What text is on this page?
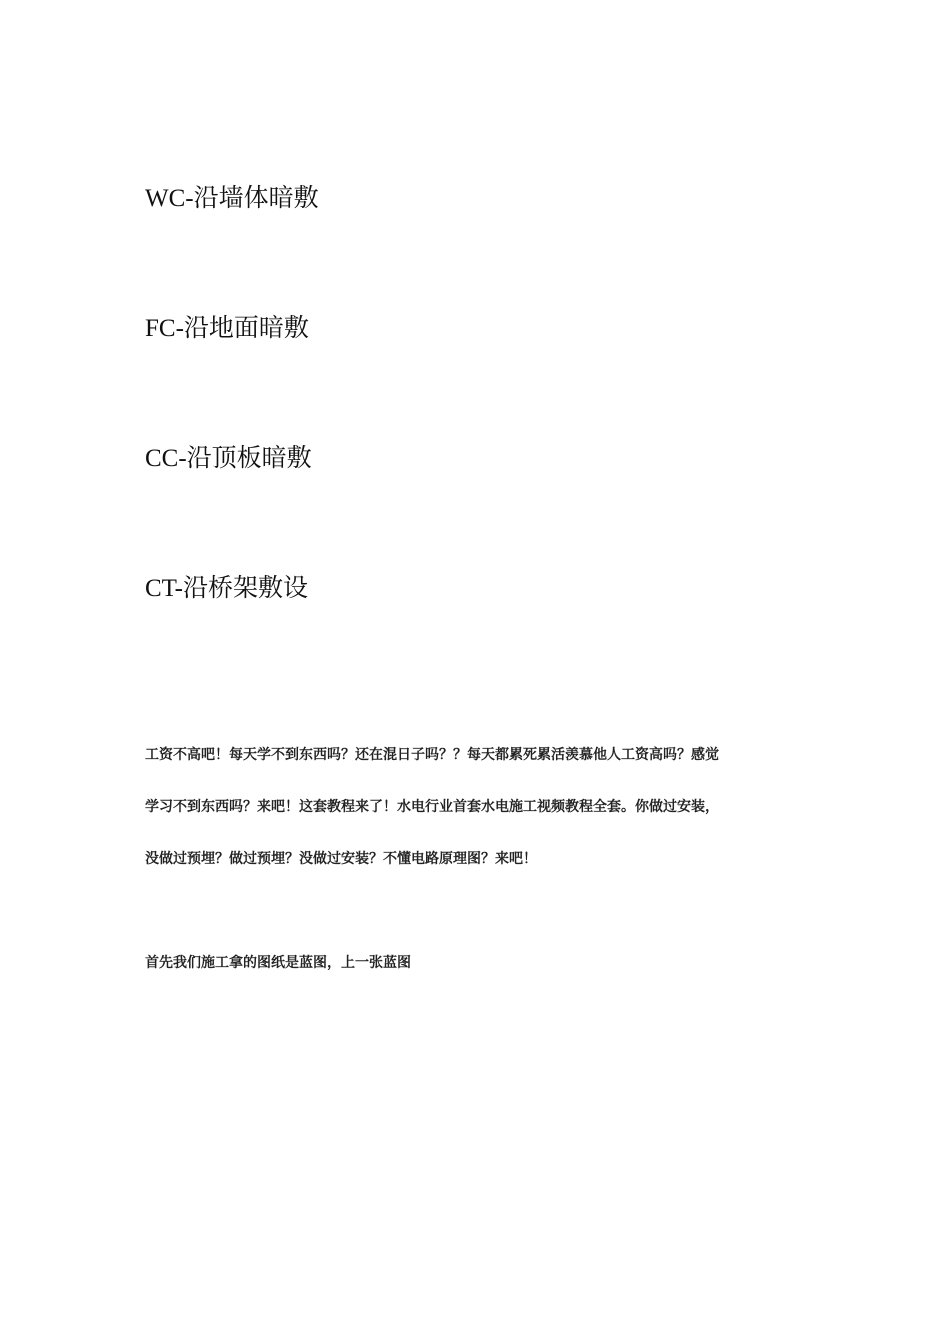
WC-沿墙体暗敷
FC-沿地面暗敷
CC-沿顶板暗敷
CT-沿桥架敷设
工资不高吧！每天学不到东西吗？还在混日子吗？？每天都累死累活羡慕他人工资高吗？感觉
学习不到东西吗？来吧！这套教程来了！水电行业首套水电施工视频教程全套。你做过安装，
没做过预埋？做过预埋？没做过安装？不懂电路原理图？来吧！
首先我们施工拿的图纸是蓝图，上一张蓝图
